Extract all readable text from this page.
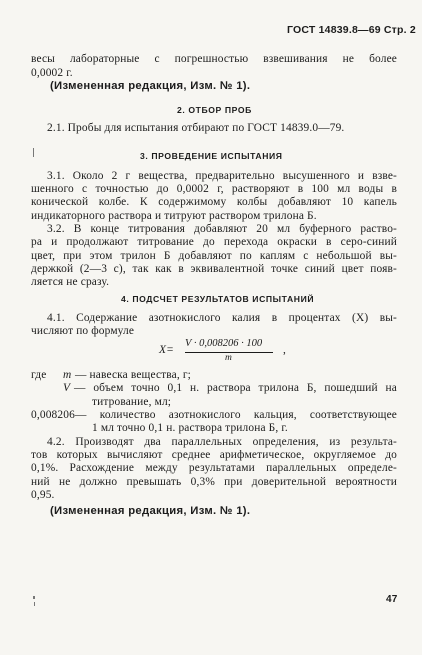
ГОСТ 14839.8—69 Стр. 2
весы лабораторные с погрешностью взвешивания не более
0,0002 г.
(Измененная редакция, Изм. № 1).
2. ОТБОР ПРОБ
2.1. Пробы для испытания отбирают по ГОСТ 14839.0—79.
3. ПРОВЕДЕНИЕ ИСПЫТАНИЯ
3.1. Около 2 г вещества, предварительно высушенного и взве-
шенного с точностью до 0,0002 г, растворяют в 100 мл воды в
конической колбе. К содержимому колбы добавляют 10 капель
индикаторного раствора и титруют раствором трилона Б.
3.2. В конце титрования добавляют 20 мл буферного раство-
ра и продолжают титрование до перехода окраски в серо-синий
цвет, при этом трилон Б добавляют по каплям с небольшой вы-
держкой (2—3 с), так как в эквивалентной точке синий цвет появ-
ляется не сразу.
4. ПОДСЧЕТ РЕЗУЛЬТАТОВ ИСПЫТАНИЙ
4.1. Содержание азотнокислого калия в процентах (X) вы-
числяют по формуле
X=
V · 0,008206 · 100
m
,
где m — навеска вещества, г;
V — объем точно 0,1 н. раствора трилона Б, пошедший на
титрование, мл;
0,008206 — количество азотнокислого кальция, соответствующее
1 мл точно 0,1 н. раствора трилона Б, г.
4.2. Производят два параллельных определения, из результа-
тов которых вычисляют среднее арифметическое, округляемое до
0,1%. Расхождение между результатами параллельных определе-
ний не должно превышать 0,3% при доверительной вероятности
0,95.
(Измененная редакция, Изм. № 1).
47
